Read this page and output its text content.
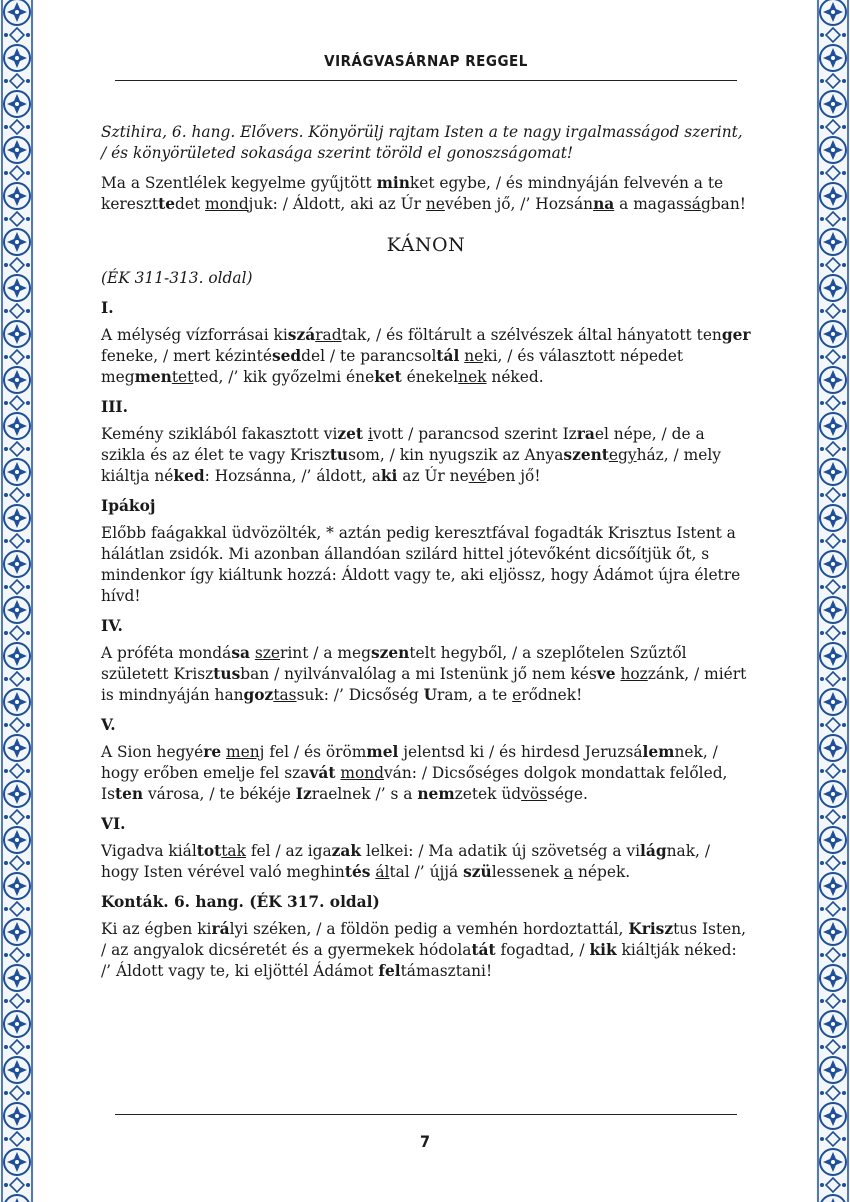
VIRÁGVASÁRNAP REGGEL

Sztihira, 6. hang. Elővers. Könyörülj rajtam Isten a te nagy irgalmasságod szerint, / és könyörületed sokasága szerint töröld el gonoszságomat!

Ma a Szentlélek kegyelme gyűjtött minket egybe, / és mindnyáján felvevén a te kereszttedet mondjuk: / Áldott, aki az Úr nevében jő, /’ Hozsánna a magasságban!

KÁNON

(ÉK 311-313. oldal)

I.

A mélység vízforrásai kiszáradtak, / és föltárult a szélvészek által hányatott tenger feneke, / mert kézintéseddel / te parancsoltál neki, / és választott népedet megmentetted, /’ kik győzelmi éneket énekelnek néked.

III.

Kemény sziklából fakasztott vizet ivott / parancsod szerint Izrael népe, / de a szikla és az élet te vagy Krisztusom, / kin nyugszik az Anyaszentegyház, / mely kiáltja néked: Hozsánna, /’ áldott, aki az Úr nevében jő!

Ipákoj

Előbb faágakkal üdvözölték, * aztán pedig keresztfával fogadták Krisztus Istent a hálátlan zsidók. Mi azonban állandóan szilárd hittel jótevőként dicsőítjük őt, s mindenkor így kiáltunk hozzá: Áldott vagy te, aki eljössz, hogy Ádámot újra életre hívd!

IV.

A próféta mondása szerint / a megszentelt hegyből, / a szeplőtelen Szűztől született Krisztusban / nyilvánvalólag a mi Istenünk jő nem késve hozzánk, / miért is mindnyáján hangoztassuk: /’ Dicsőség Uram, a te erődnek!

V.

A Sion hegyére menj fel / és örömmel jelentsd ki / és hirdesd Jeruzsálemnek, / hogy erőben emelje fel szavát mondván: / Dicsőséges dolgok mondattak felőled, Isten városa, / te békéje Izraelnek /’ s a nemzetek üdvössége.

VI.

Vigadva kiáltottak fel / az igazak lelkei: / Ma adatik új szövetség a világnak, / hogy Isten vérével való meghintés által /’ újjá szülessenek a népek.

Konták. 6. hang. (ÉK 317. oldal)

Ki az égben királyi széken, / a földön pedig a vemhén hordoztattál, Krisztus Isten, / az angyalok dicséretét és a gyermekek hódolatát fogadtad, / kik kiáltják néked: /’ Áldott vagy te, ki eljöttél Ádámot feltámasztani!

7
